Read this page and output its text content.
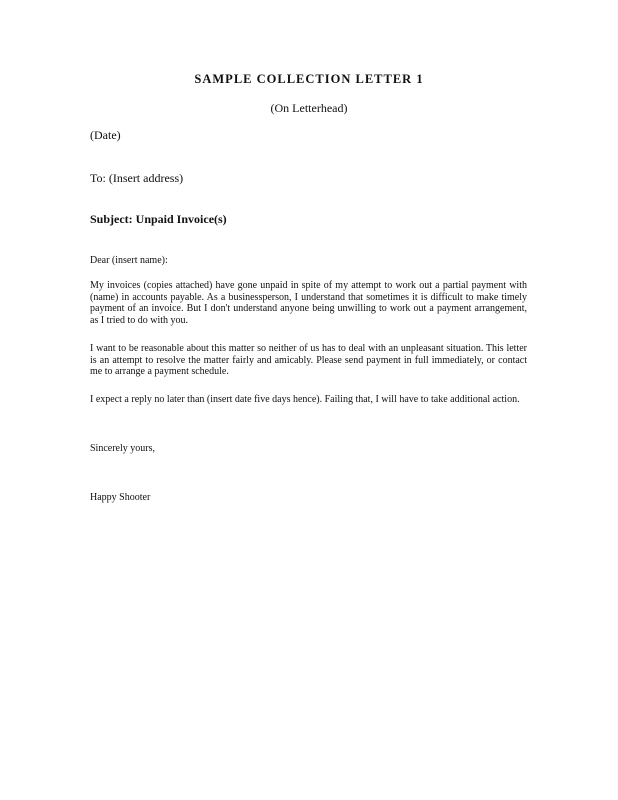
SAMPLE COLLECTION LETTER 1
(On Letterhead)
(Date)
To: (Insert address)
Subject: Unpaid Invoice(s)
Dear (insert name):
My invoices (copies attached) have gone unpaid in spite of my attempt to work out a partial payment with (name) in accounts payable. As a businessperson, I understand that sometimes it is difficult to make timely payment of an invoice. But I don't understand anyone being unwilling to work out a payment arrangement, as I tried to do with you.
I want to be reasonable about this matter so neither of us has to deal with an unpleasant situation. This letter is an attempt to resolve the matter fairly and amicably. Please send payment in full immediately, or contact me to arrange a payment schedule.
I expect a reply no later than (insert date five days hence). Failing that, I will have to take additional action.
Sincerely yours,
Happy Shooter
